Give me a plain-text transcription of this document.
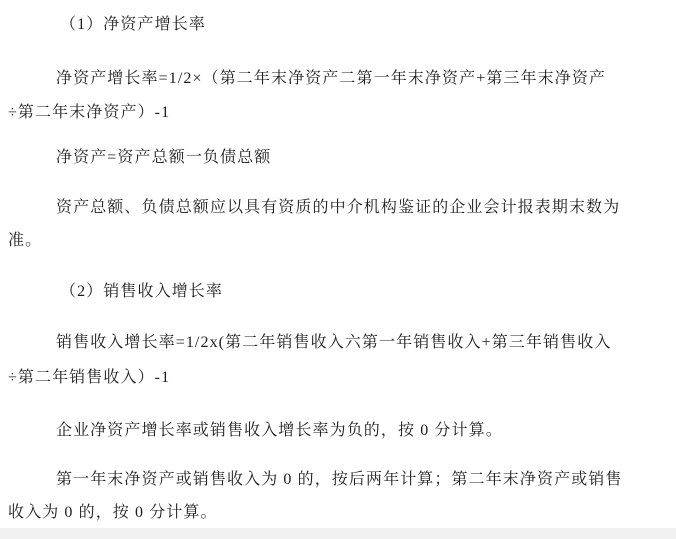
（1）净资产增长率
净资产增长率=1/2×（第二年末净资产二第一年末净资产+第三年末净资产
÷第二年末净资产）-1
净资产=资产总额一负债总额
资产总额、负债总额应以具有资质的中介机构鉴证的企业会计报表期末数为
准。
（2）销售收入增长率
销售收入增长率=1/2x(第二年销售收入六第一年销售收入+第三年销售收入
÷第二年销售收入）-1
企业净资产增长率或销售收入增长率为负的，按 0 分计算。
第一年末净资产或销售收入为 0 的，按后两年计算；第二年末净资产或销售
收入为 0 的，按 0 分计算。
